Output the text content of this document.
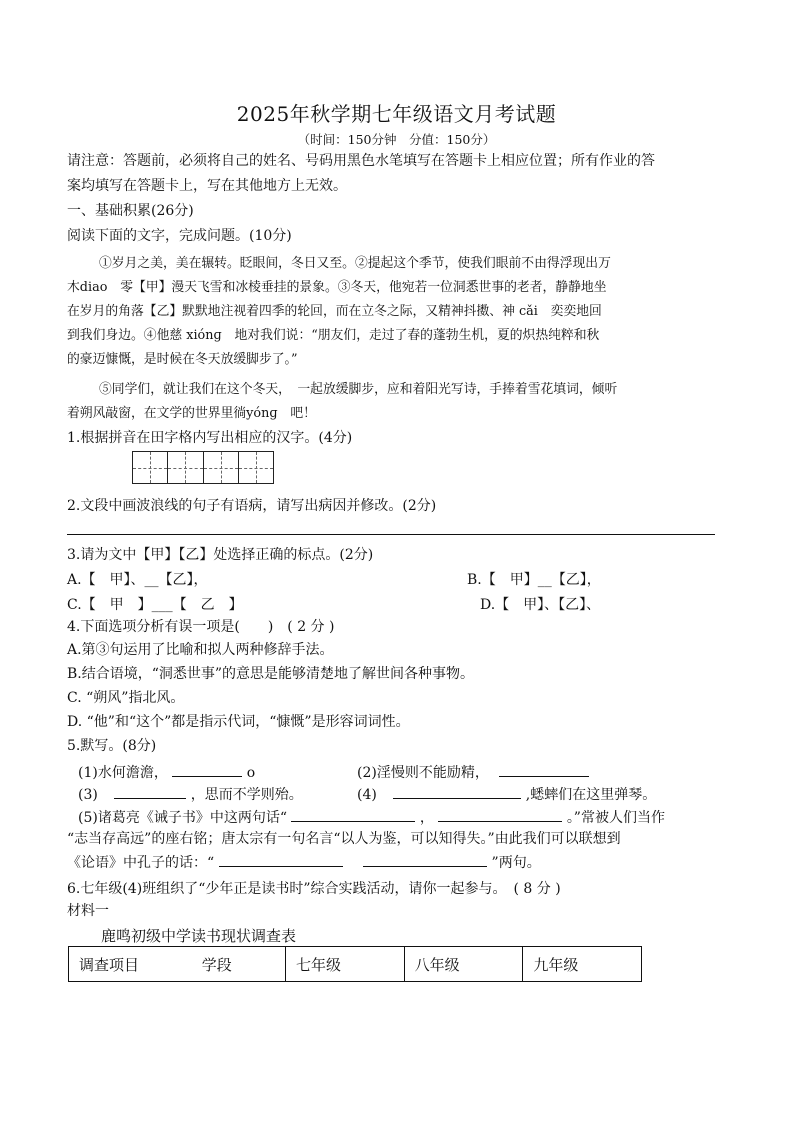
2025年秋学期七年级语文月考试题
（时间：150分钟　分值：150分）
请注意：答题前，必须将自己的姓名、号码用黑色水笔填写在答题卡上相应位置；所有作业的答
案均填写在答题卡上，写在其他地方上无效。
一、基础积累(26分)
阅读下面的文字，完成问题。(10分)
①岁月之美，美在辗转。眨眼间，冬日又至。②提起这个季节，使我们眼前不由得浮现出万
木diao　零【甲】漫天飞雪和冰棱垂挂的景象。③冬天，他宛若一位洞悉世事的老者，静静地坐
在岁月的角落【乙】默默地注视着四季的轮回，而在立冬之际，又精神抖擞、神 cǎi　奕奕地回
到我们身边。④他慈 xiónɡ　地对我们说：“朋友们，走过了春的蓬勃生机，夏的炽热纯粹和秋
的豪迈慷慨，是时候在冬天放缓脚步了。”
⑤同学们，就让我们在这个冬天，　一起放缓脚步，应和着阳光写诗，手捧着雪花填词，倾听
着朔风敲窗，在文学的世界里徜yónɡ　吧！
1.根据拼音在田字格内写出相应的汉字。(4分)
2.文段中画波浪线的句子有语病，请写出病因并修改。(2分)
3.请为文中【甲】【乙】处选择正确的标点。(2分)
A.【　甲】、__【乙】，	B.【　甲】__【乙】，
C.【　甲　】___【　乙　】	D.【　甲】、【乙】、
4.下面选项分析有误一项是(　　)　( 2 分 )
A.第③句运用了比喻和拟人两种修辞手法。
B.结合语境，“洞悉世事”的意思是能够清楚地了解世间各种事物。
C. “朔风”指北风。
D. “他”和“这个”都是指示代词，“慷慨”是形容词词性。
5.默写。(8分)
(1)水何澹澹，	o	(2)淫慢则不能励精，
(3)	，思而不学则殆。	(4)	,蟋蟀们在这里弹琴。
(5)诸葛亮《诫子书》中这两句话“	，	。”常被人们当作
“志当存高远”的座右铭；唐太宗有一句名言“以人为鉴，可以知得失。”由此我们可以联想到
《论语》中孔子的话：“	”两句。
6.七年级(4)班组织了“少年正是读书时”综合实践活动，请你一起参与。　( 8 分 )
材料一
鹿鸣初级中学读书现状调查表
调查项目	学段	七年级	八年级	九年级
